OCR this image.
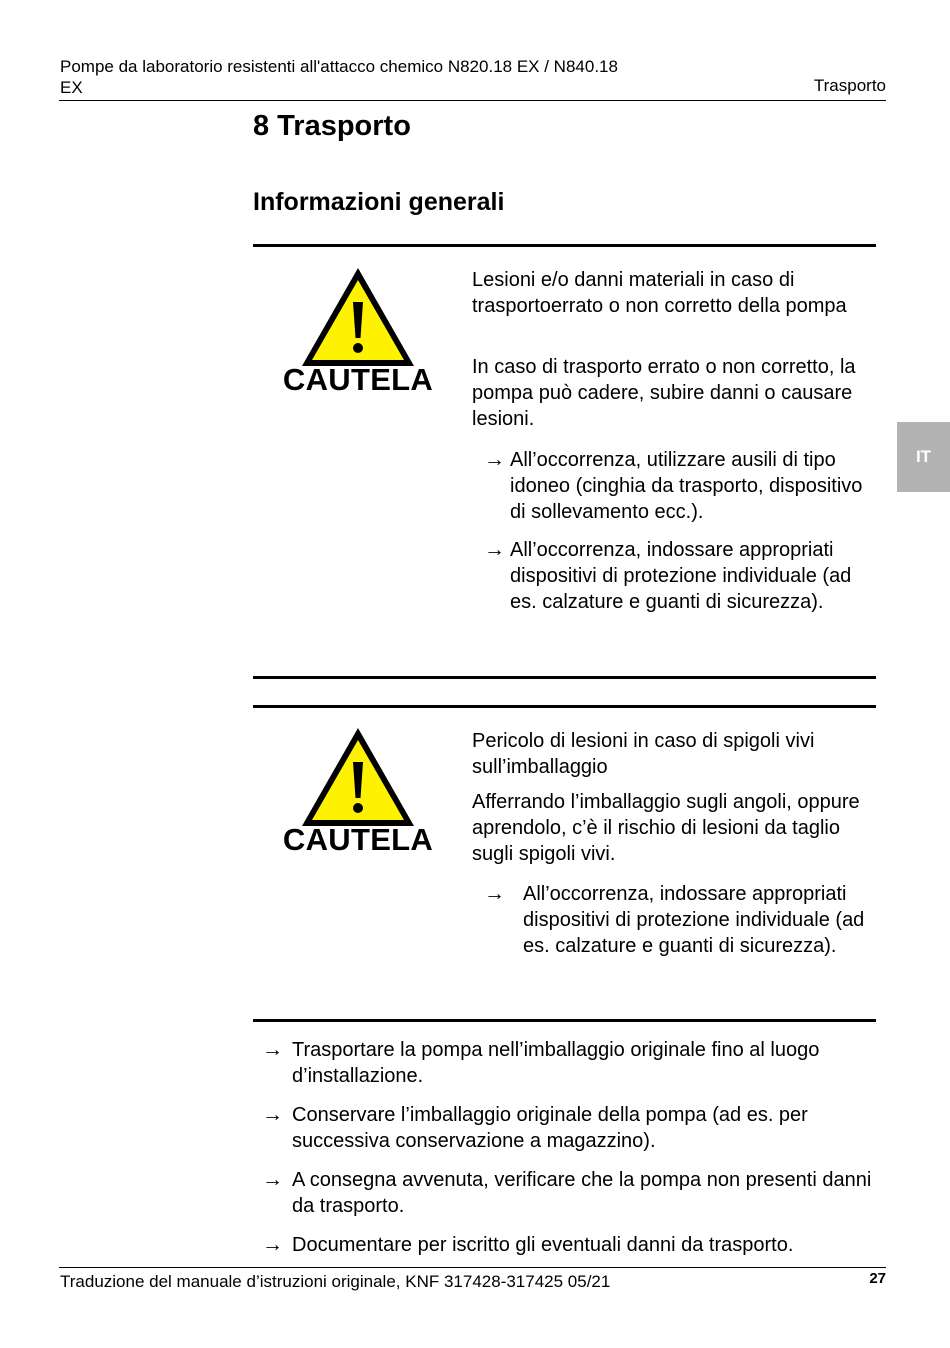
Pompe da laboratorio resistenti all'attacco chemico N820.18 EX / N840.18 EX	Trasporto
8 Trasporto
Informazioni generali
CAUTELA
Lesioni e/o danni materiali in caso di trasportoerrato o non corretto della pompa
In caso di trasporto errato o non corretto, la pompa può cadere, subire danni o causare lesioni.
→ All’occorrenza, utilizzare ausili di tipo idoneo (cinghia da trasporto, dispositivo di sollevamento ecc.).
→ All’occorrenza, indossare appropriati dispositivi di protezione individuale (ad es. calzature e guanti di sicurezza).
CAUTELA
Pericolo di lesioni in caso di spigoli vivi sull’imballaggio
Afferrando l’imballaggio sugli angoli, oppure aprendolo, c’è il rischio di lesioni da taglio sugli spigoli vivi.
→ All’occorrenza, indossare appropriati dispositivi di protezione individuale (ad es. calzature e guanti di sicurezza).
→ Trasportare la pompa nell’imballaggio originale fino al luogo d’installazione.
→ Conservare l’imballaggio originale della pompa (ad es. per successiva conservazione a magazzino).
→ A consegna avvenuta, verificare che la pompa non presenti danni da trasporto.
→ Documentare per iscritto gli eventuali danni da trasporto.
IT
Traduzione del manuale d’istruzioni originale, KNF 317428-317425 05/21	27
